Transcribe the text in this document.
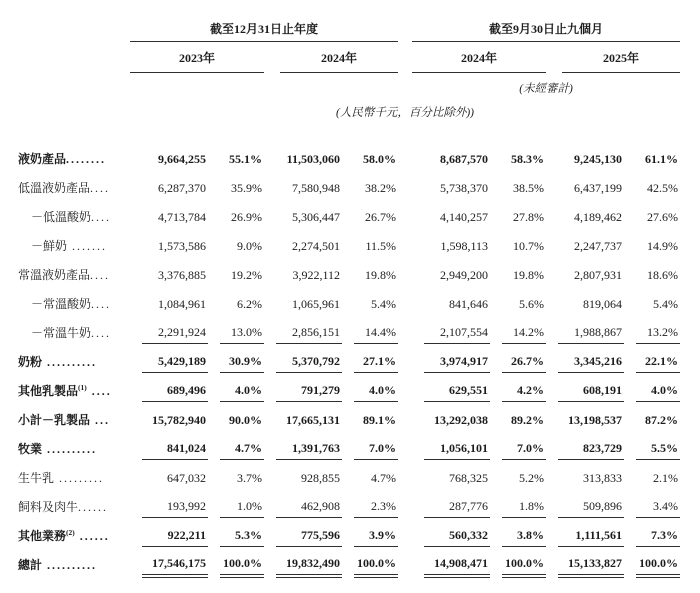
	截至12月31日止年度					截至9月30日止九個月			

	2023年		2024年			2024年		2025年	

						(未經審計)			
	(人民幣千元，百分比除外))								
液奶產品........	9,664,255	55.1%	11,503,060	58.0%		8,687,570	58.3%	9,245,130	61.1%

低溫液奶產品....	6,287,370	35.9%	7,580,948	38.2%		5,738,370	38.5%	6,437,199	42.5%

－低溫酸奶....	4,713,784	26.9%	5,306,447	26.7%		4,140,257	27.8%	4,189,462	27.6%

－鮮奶 .......	1,573,586	9.0%	2,274,501	11.5%		1,598,113	10.7%	2,247,737	14.9%

常溫液奶產品....	3,376,885	19.2%	3,922,112	19.8%		2,949,200	19.8%	2,807,931	18.6%

－常溫酸奶....	1,084,961	6.2%	1,065,961	5.4%		841,646	5.6%	819,064	5.4%

－常溫牛奶....	2,291,924	13.0%	2,856,151	14.4%		2,107,554	14.2%	1,988,867	13.2%

奶粉 ..........	5,429,189	30.9%	5,370,792	27.1%		3,974,917	26.7%	3,345,216	22.1%

其他乳製品$^{(1)}$ ....	689,496	4.0%	791,279	4.0%		629,551	4.2%	608,191	4.0%

小計－乳製品 ...	15,782,940	90.0%	17,665,131	89.1%		13,292,038	89.2%	13,198,537	87.2%

牧業 ..........	841,024	4.7%	1,391,763	7.0%		1,056,101	7.0%	823,729	5.5%

生牛乳 .........	647,032	3.7%	928,855	4.7%		768,325	5.2%	313,833	2.1%

飼料及肉牛......	193,992	1.0%	462,908	2.3%		287,776	1.8%	509,896	3.4%

其他業務$^{(2)}$ ......	922,211	5.3%	775,596	3.9%		560,332	3.8%	1,111,561	7.3%

總計 ..........	17,546,175	100.0%	19,832,490	100.0%		14,908,471	100.0%	15,133,827	100.0%
